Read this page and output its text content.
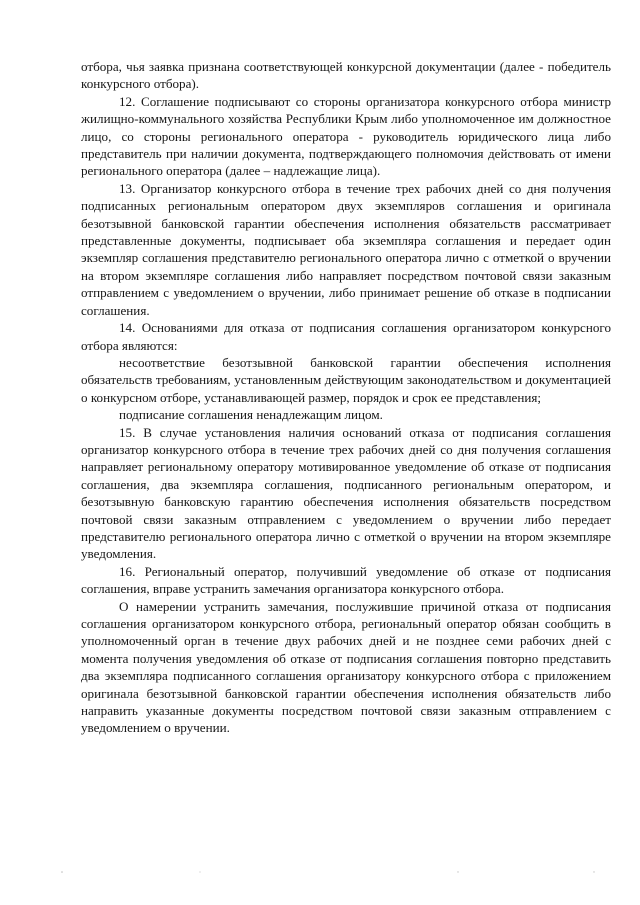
отбора, чья заявка признана соответствующей конкурсной документации (далее - победитель конкурсного отбора).

12. Соглашение подписывают со стороны организатора конкурсного отбора министр жилищно-коммунального хозяйства Республики Крым либо уполномоченное им должностное лицо, со стороны регионального оператора - руководитель юридического лица либо представитель при наличии документа, подтверждающего полномочия действовать от имени регионального оператора (далее – надлежащие лица).

13. Организатор конкурсного отбора в течение трех рабочих дней со дня получения подписанных региональным оператором двух экземпляров соглашения и оригинала безотзывной банковской гарантии обеспечения исполнения обязательств рассматривает представленные документы, подписывает оба экземпляра соглашения и передает один экземпляр соглашения представителю регионального оператора лично с отметкой о вручении на втором экземпляре соглашения либо направляет посредством почтовой связи заказным отправлением с уведомлением о вручении, либо принимает решение об отказе в подписании соглашения.

14. Основаниями для отказа от подписания соглашения организатором конкурсного отбора являются:

несоответствие безотзывной банковской гарантии обеспечения исполнения обязательств требованиям, установленным действующим законодательством и документацией о конкурсном отборе, устанавливающей размер, порядок и срок ее представления;

подписание соглашения ненадлежащим лицом.

15. В случае установления наличия оснований отказа от подписания соглашения организатор конкурсного отбора в течение трех рабочих дней со дня получения соглашения направляет региональному оператору мотивированное уведомление об отказе от подписания соглашения, два экземпляра соглашения, подписанного региональным оператором, и безотзывную банковскую гарантию обеспечения исполнения обязательств посредством почтовой связи заказным отправлением с уведомлением о вручении либо передает представителю регионального оператора лично с отметкой о вручении на втором экземпляре уведомления.

16. Региональный оператор, получивший уведомление об отказе от подписания соглашения, вправе устранить замечания организатора конкурсного отбора.

О намерении устранить замечания, послужившие причиной отказа от подписания соглашения организатором конкурсного отбора, региональный оператор обязан сообщить в уполномоченный орган в течение двух рабочих дней и не позднее семи рабочих дней с момента получения уведомления об отказе от подписания соглашения повторно представить два экземпляра подписанного соглашения организатору конкурсного отбора с приложением оригинала безотзывной банковской гарантии обеспечения исполнения обязательств либо направить указанные документы посредством почтовой связи заказным отправлением с уведомлением о вручении.
